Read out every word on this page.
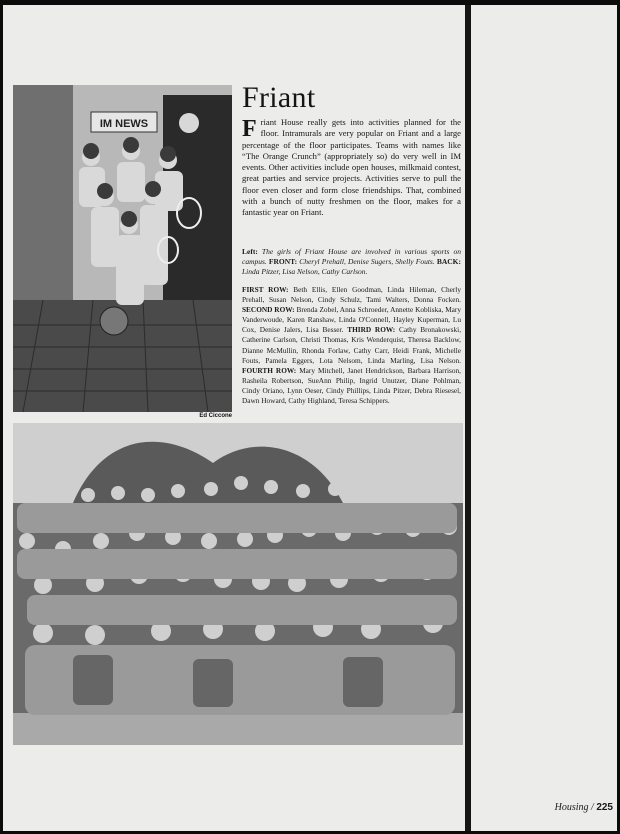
IM NEWS
Ed Ciccone
Friant
Friant House really gets into activities planned for the floor. Intramurals are very popular on Friant and a large percentage of the floor participates. Teams with names like “The Orange Crunch” (appropriately so) do very well in IM events. Other activities include open houses, milkmaid contest, great parties and service projects. Activities serve to pull the floor even closer and form close friendships. That, combined with a bunch of nutty freshmen on the floor, makes for a fantastic year on Friant.
Left: The girls of Friant House are involved in various sports on campus. FRONT: Cheryl Prehall, Denise Sugers, Shelly Fouts. BACK: Linda Pitzer, Lisa Nelson, Cathy Carlson.
FIRST ROW: Beth Ellis, Ellen Goodman, Linda Hileman, Cherly Prehall, Susan Nelson, Cindy Schulz, Tami Walters, Donna Focken. SECOND ROW: Brenda Zobel, Anna Schroeder, Annette Kobliska, Mary Vanderwoude, Karen Ranshaw, Linda O'Connell, Hayley Kuperman, Lu Cox, Denise Jalers, Lisa Besser. THIRD ROW: Cathy Bronakowski, Catherine Carlson, Christi Thomas, Kris Wenderquist, Theresa Backlow, Dianne McMullin, Rhonda Forlaw, Cathy Carr, Heidi Frank, Michelle Fouts, Pamela Eggers, Lota Nelsom, Linda Marling, Lisa Nelson. FOURTH ROW: Mary Mitchell, Janet Hendrickson, Barbara Harrison, Rasheila Robertson, SueAnn Philip, Ingrid Unutzer, Diane Pohlman, Cindy Oriano, Lynn Oeser, Cindy Phillips, Linda Pitzer, Debra Riesesel, Dawn Howard, Cathy Highland, Teresa Schippers.
Housing / 225
